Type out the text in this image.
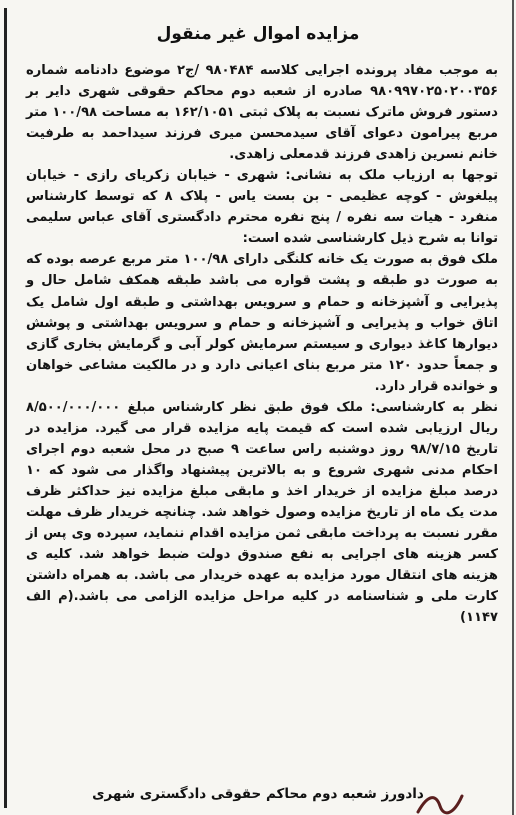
مزایده اموال غیر منقول

به موجب مفاد پرونده اجرایی کلاسه ۹۸۰۴۸۴ /ج۲ موضوع دادنامه شماره ۹۸۰۹۹۷۰۲۵۰۲۰۰۳۵۶ صادره از شعبه دوم محاکم حقوقی شهری دایر بر دستور فروش ماترک نسبت به پلاک ثبتی ۱۶۲/۱۰۵۱ به مساحت ۱۰۰/۹۸ متر مربع پیرامون دعوای آقای سیدمحسن میری فرزند سیداحمد به طرفیت خانم نسرین زاهدی فرزند قدمعلی زاهدی.

توجها به ارزیاب ملک به نشانی: شهری - خیابان زکریای رازی - خیابان پیلغوش - کوچه عظیمی - بن بست یاس - پلاک ۸ که توسط کارشناس منفرد - هیات سه نفره / پنج نفره محترم دادگستری آقای عباس سلیمی توانا به شرح ذیل کارشناسی شده است:

ملک فوق به صورت یک خانه کلنگی دارای ۱۰۰/۹۸ متر مربع عرصه بوده که به صورت دو طبقه و پشت قواره می باشد طبقه همکف شامل حال و پذیرایی و آشپزخانه و حمام و سرویس بهداشتی و طبقه اول شامل یک اتاق خواب و پذیرایی و آشپزخانه و حمام و سرویس بهداشتی و پوشش دیوارها کاغذ دیواری و سیستم سرمایش کولر آبی و گرمایش بخاری گازی و جمعاً حدود ۱۲۰ متر مربع بنای اعیانی دارد و در مالکیت مشاعی خواهان و خوانده قرار دارد.

نظر به کارشناسی: ملک فوق طبق نظر کارشناس مبلغ ۸/۵۰۰/۰۰۰/۰۰۰ ریال ارزیابی شده است که قیمت پایه مزایده قرار می گیرد. مزایده در تاریخ ۹۸/۷/۱۵ روز دوشنبه راس ساعت ۹ صبح در محل شعبه دوم اجرای احکام مدنی شهری شروع و به بالاترین پیشنهاد واگذار می شود که ۱۰ درصد مبلغ مزایده از خریدار اخذ و مابقی مبلغ مزایده نیز حداکثر ظرف مدت یک ماه از تاریخ مزایده وصول خواهد شد. چنانچه خریدار ظرف مهلت مقرر نسبت به پرداخت مابقی ثمن مزایده اقدام ننماید، سپرده وی پس از کسر هزینه های اجرایی به نفع صندوق دولت ضبط خواهد شد. کلیه ی هزینه های انتقال مورد مزایده به عهده خریدار می باشد. به همراه داشتن کارت ملی و شناسنامه در کلیه مراحل مزایده الزامی می باشد.(م الف ۱۱۴۷)

دادورز شعبه دوم محاکم حقوقی دادگستری شهری
